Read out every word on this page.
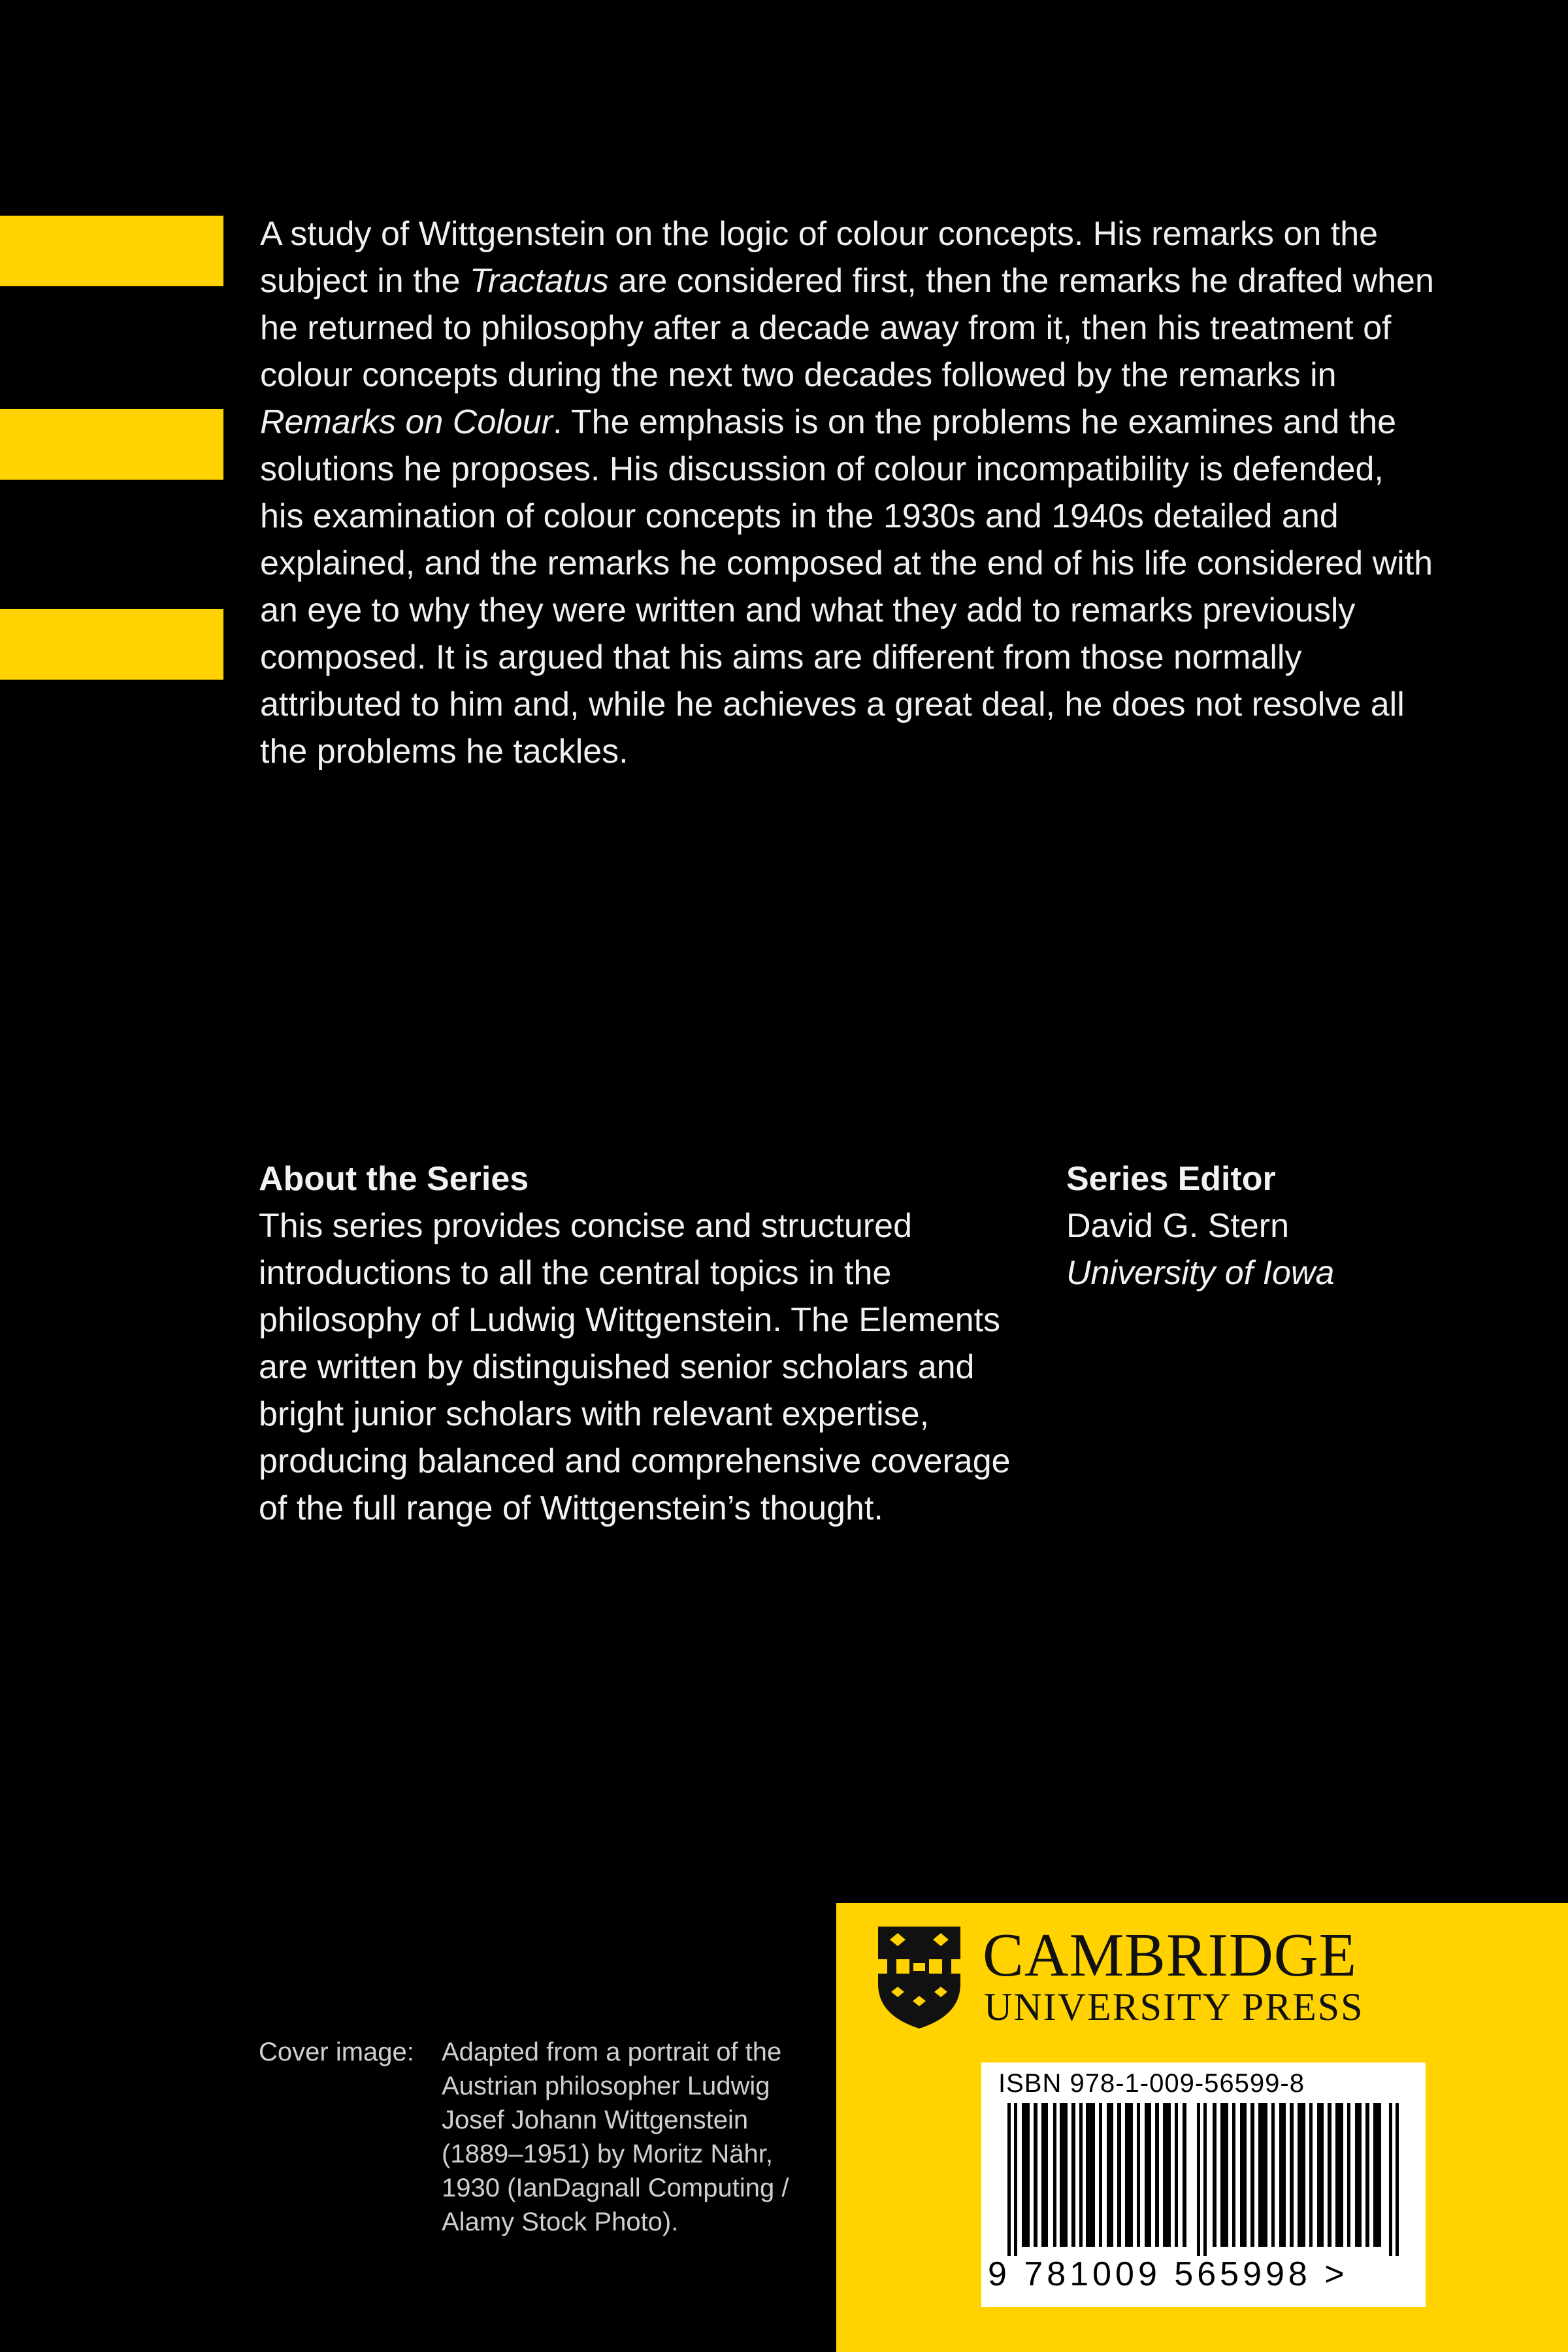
A study of Wittgenstein on the logic of colour concepts. His remarks on the subject in the Tractatus are considered first, then the remarks he drafted when he returned to philosophy after a decade away from it, then his treatment of colour concepts during the next two decades followed by the remarks in Remarks on Colour. The emphasis is on the problems he examines and the solutions he proposes. His discussion of colour incompatibility is defended, his examination of colour concepts in the 1930s and 1940s detailed and explained, and the remarks he composed at the end of his life considered with an eye to why they were written and what they add to remarks previously composed. It is argued that his aims are different from those normally attributed to him and, while he achieves a great deal, he does not resolve all the problems he tackles.

About the Series

This series provides concise and structured introductions to all the central topics in the philosophy of Ludwig Wittgenstein. The Elements are written by distinguished senior scholars and bright junior scholars with relevant expertise, producing balanced and comprehensive coverage of the full range of Wittgenstein’s thought.

Series Editor

David G. Stern

University of Iowa

Cover image: Adapted from a portrait of the Austrian philosopher Ludwig Josef Johann Wittgenstein (1889–1951) by Moritz Nähr, 1930 (IanDagnall Computing / Alamy Stock Photo).

CAMBRIDGE

UNIVERSITY PRESS

ISBN 978-1-009-56599-8

9 781009 565998 >
